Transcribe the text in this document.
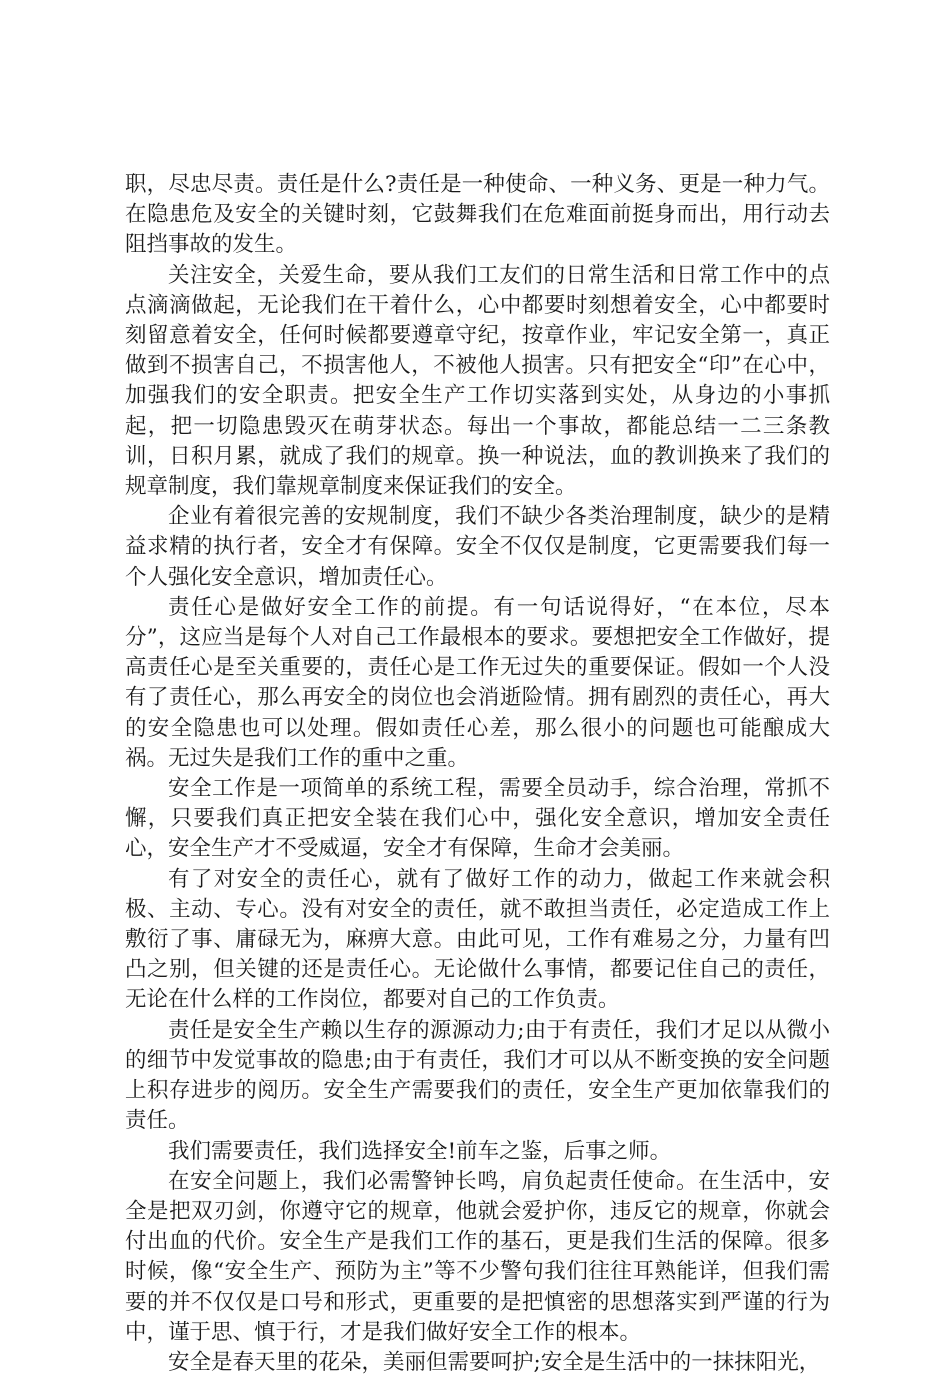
职，尽忠尽责。责任是什么?责任是一种使命、一种义务、更是一种力气。在隐患危及安全的关键时刻，它鼓舞我们在危难面前挺身而出，用行动去阻挡事故的发生。

关注安全，关爱生命，要从我们工友们的日常生活和日常工作中的点点滴滴做起，无论我们在干着什么，心中都要时刻想着安全，心中都要时刻留意着安全，任何时候都要遵章守纪，按章作业，牢记安全第一，真正做到不损害自己，不损害他人，不被他人损害。只有把安全“印”在心中，加强我们的安全职责。把安全生产工作切实落到实处，从身边的小事抓起，把一切隐患毁灭在萌芽状态。每出一个事故，都能总结一二三条教训，日积月累，就成了我们的规章。换一种说法，血的教训换来了我们的规章制度，我们靠规章制度来保证我们的安全。

企业有着很完善的安规制度，我们不缺少各类治理制度，缺少的是精益求精的执行者，安全才有保障。安全不仅仅是制度，它更需要我们每一个人强化安全意识，增加责任心。

责任心是做好安全工作的前提。有一句话说得好，“在本位，尽本分”，这应当是每个人对自己工作最根本的要求。要想把安全工作做好，提高责任心是至关重要的，责任心是工作无过失的重要保证。假如一个人没有了责任心，那么再安全的岗位也会消逝险情。拥有剧烈的责任心，再大的安全隐患也可以处理。假如责任心差，那么很小的问题也可能酿成大祸。无过失是我们工作的重中之重。

安全工作是一项简单的系统工程，需要全员动手，综合治理，常抓不懈，只要我们真正把安全装在我们心中，强化安全意识，增加安全责任心，安全生产才不受威逼，安全才有保障，生命才会美丽。

有了对安全的责任心，就有了做好工作的动力，做起工作来就会积极、主动、专心。没有对安全的责任，就不敢担当责任，必定造成工作上敷衍了事、庸碌无为，麻痹大意。由此可见，工作有难易之分，力量有凹凸之别，但关键的还是责任心。无论做什么事情，都要记住自己的责任，无论在什么样的工作岗位，都要对自己的工作负责。

责任是安全生产赖以生存的源源动力;由于有责任，我们才足以从微小的细节中发觉事故的隐患;由于有责任，我们才可以从不断变换的安全问题上积存进步的阅历。安全生产需要我们的责任，安全生产更加依靠我们的责任。

我们需要责任，我们选择安全!前车之鉴，后事之师。

在安全问题上，我们必需警钟长鸣，肩负起责任使命。在生活中，安全是把双刃剑，你遵守它的规章，他就会爱护你，违反它的规章，你就会付出血的代价。安全生产是我们工作的基石，更是我们生活的保障。很多时候，像“安全生产、预防为主”等不少警句我们往往耳熟能详，但我们需要的并不仅仅是口号和形式，更重要的是把慎密的思想落实到严谨的行为中，谨于思、慎于行，才是我们做好安全工作的根本。

安全是春天里的花朵，美丽但需要呵护;安全是生活中的一抹抹阳光，
